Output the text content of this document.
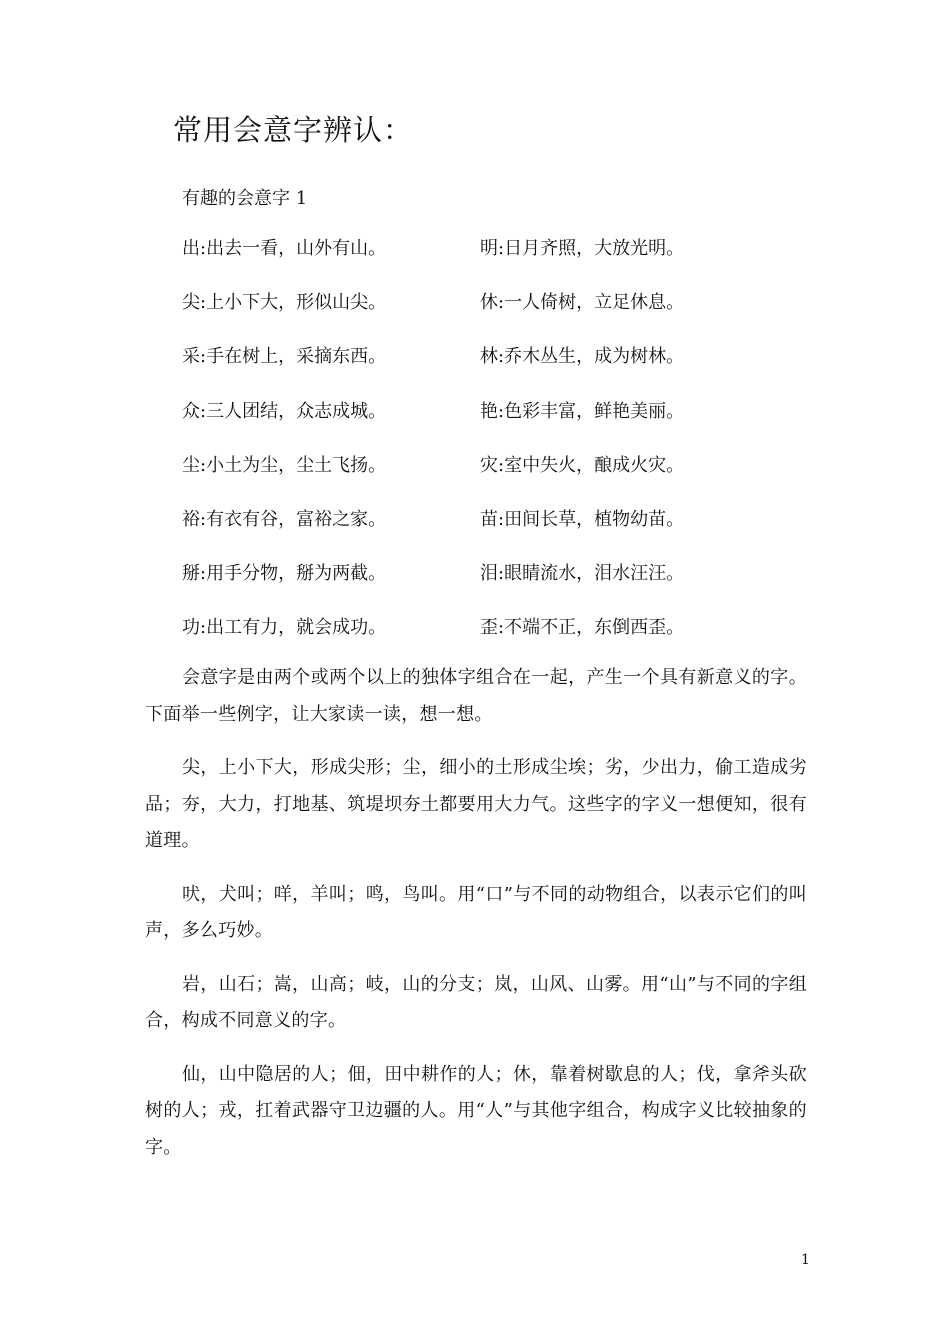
常用会意字辨认：
有趣的会意字 1
出:出去一看，山外有山。	明:日月齐照，大放光明。
尖:上小下大，形似山尖。	休:一人倚树，立足休息。
采:手在树上，采摘东西。	林:乔木丛生，成为树林。
众:三人团结，众志成城。	艳:色彩丰富，鲜艳美丽。
尘:小土为尘，尘土飞扬。	灾:室中失火，酿成火灾。
裕:有衣有谷，富裕之家。	苗:田间长草，植物幼苗。
掰:用手分物，掰为两截。	泪:眼睛流水，泪水汪汪。
功:出工有力，就会成功。	歪:不端不正，东倒西歪。

会意字是由两个或两个以上的独体字组合在一起，产生一个具有新意义的字。下面举一些例字，让大家读一读，想一想。

尖，上小下大，形成尖形；尘，细小的土形成尘埃；劣，少出力，偷工造成劣品；夯，大力，打地基、筑堤坝夯土都要用大力气。这些字的字义一想便知，很有道理。

吠，犬叫；咩，羊叫；鸣，鸟叫。用“口”与不同的动物组合，以表示它们的叫声，多么巧妙。

岩，山石；嵩，山高；岐，山的分支；岚，山风、山雾。用“山”与不同的字组合，构成不同意义的字。

仙，山中隐居的人；佃，田中耕作的人；休，靠着树歇息的人；伐，拿斧头砍树的人；戎，扛着武器守卫边疆的人。用“人”与其他字组合，构成字义比较抽象的字。

1
